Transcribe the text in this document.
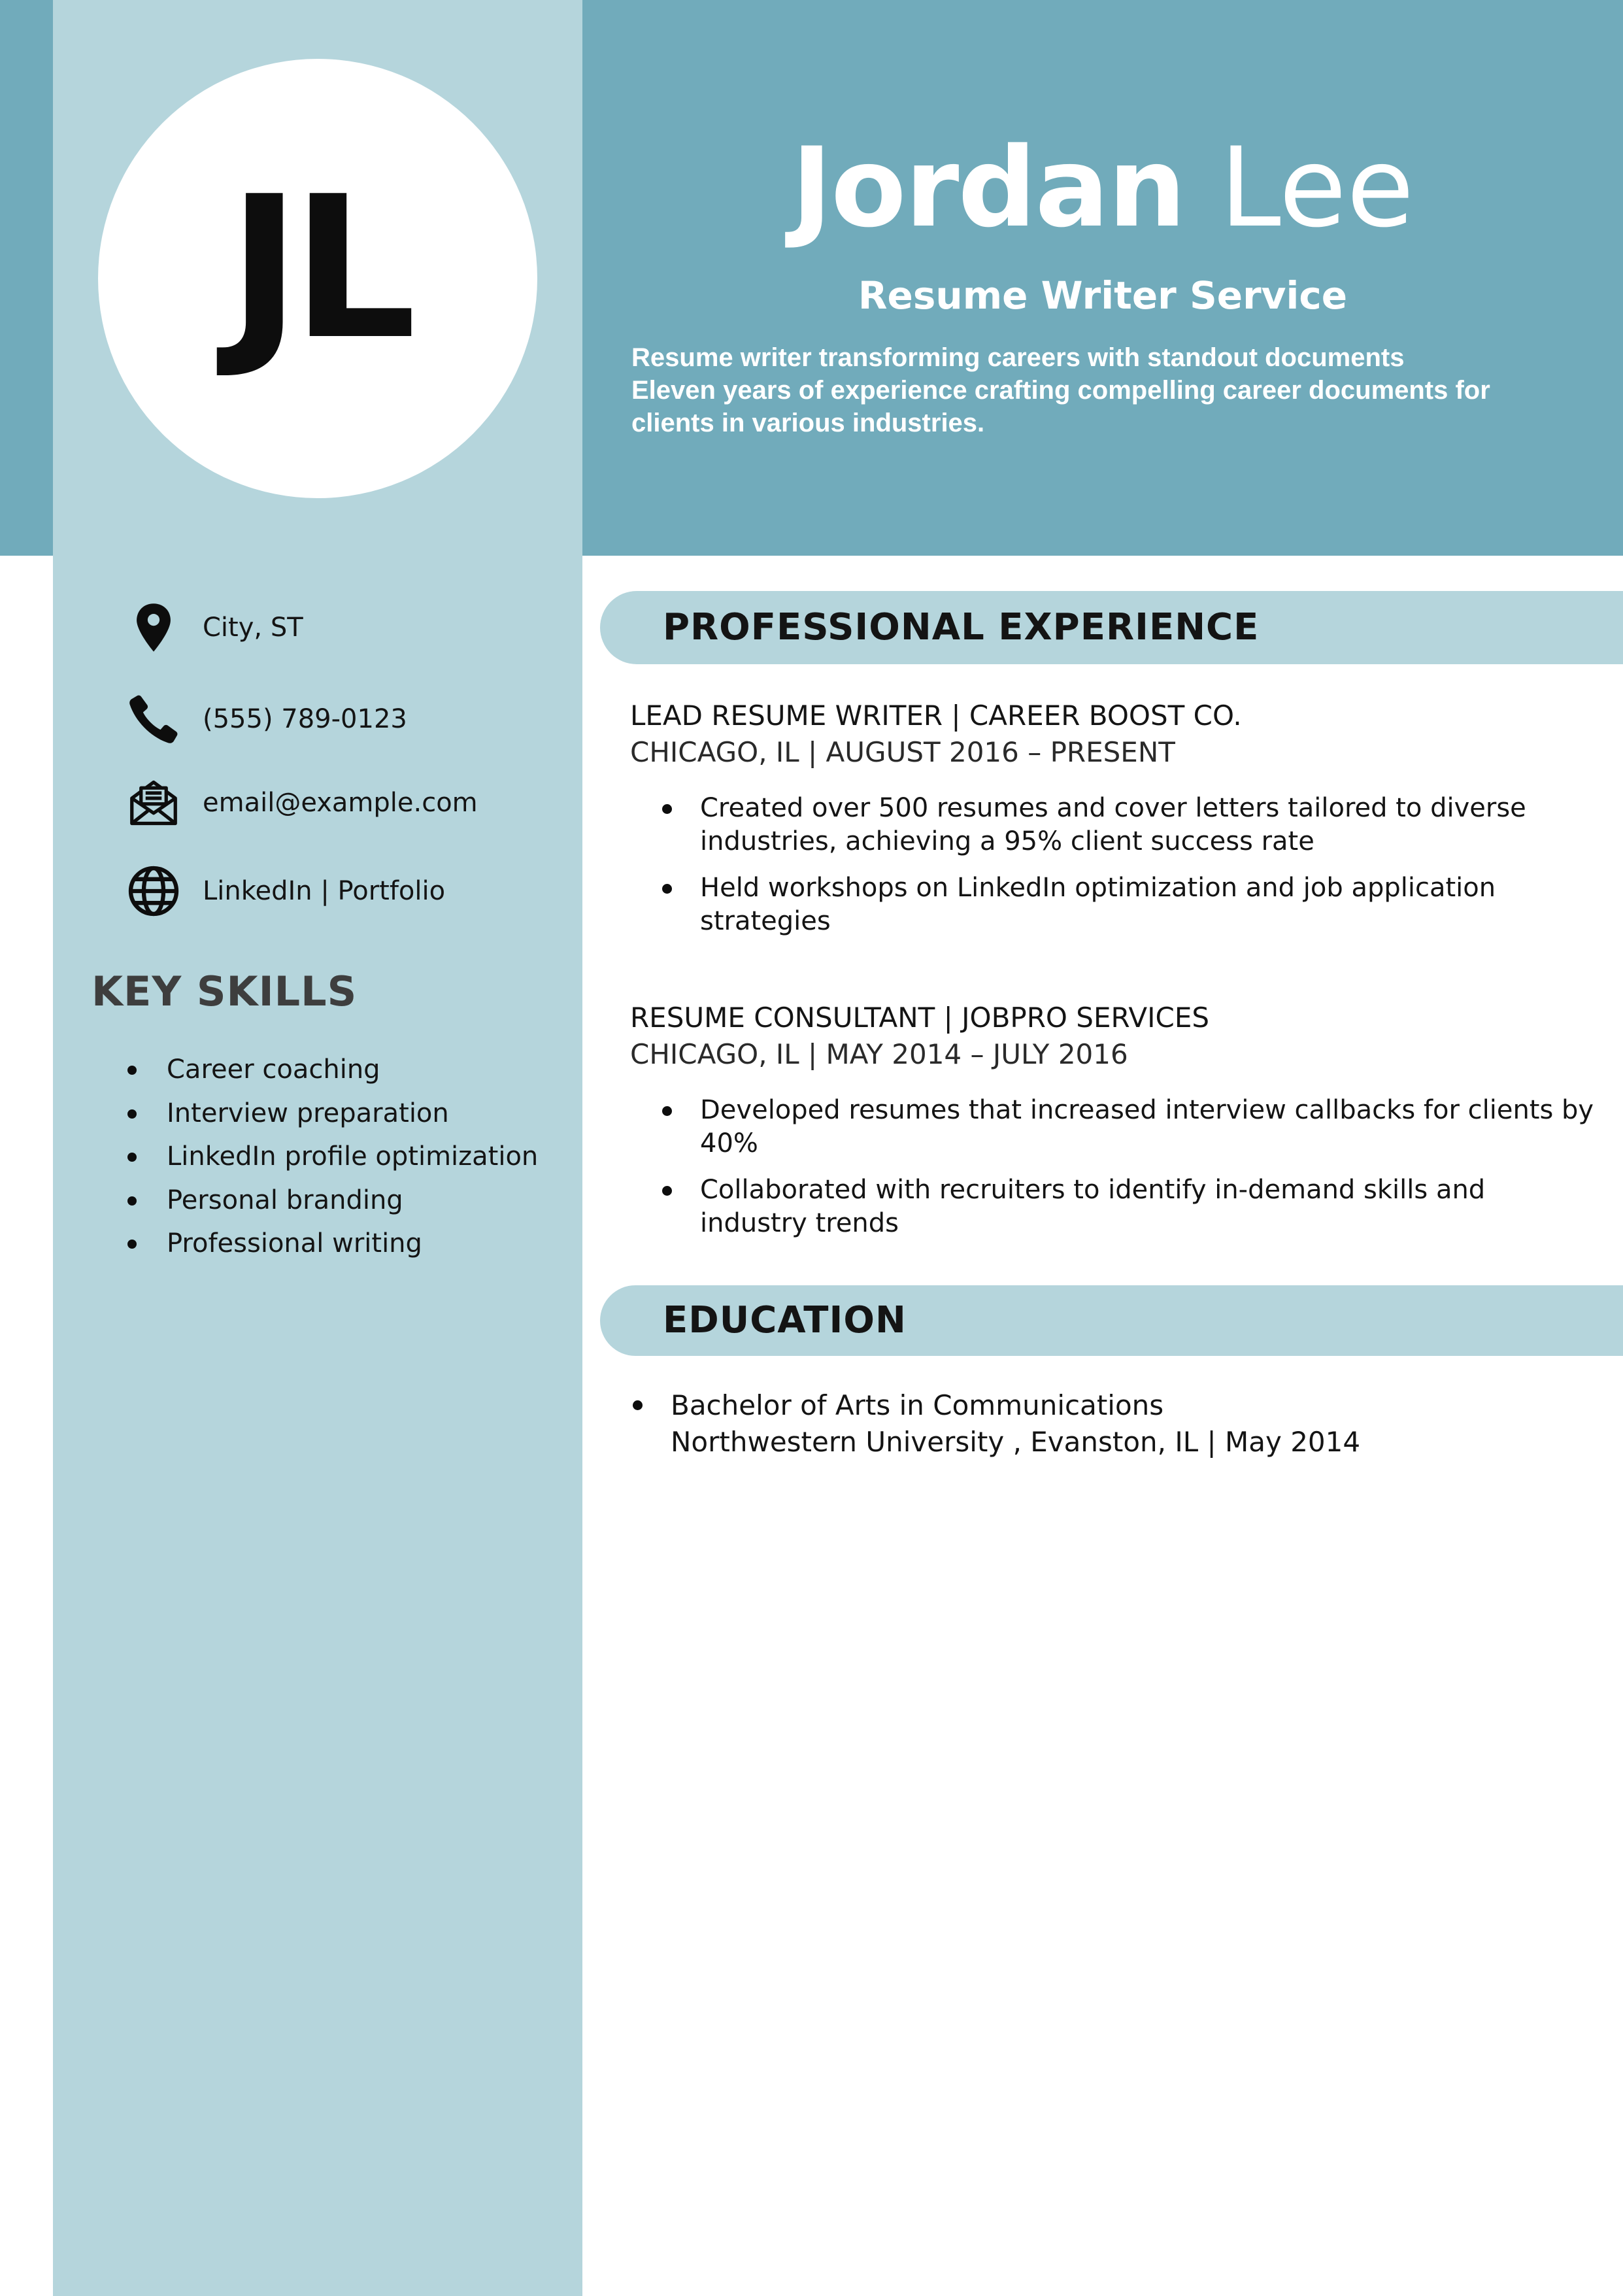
JL	Jordan Lee
Resume Writer Service
Resume writer transforming careers with standout documents
Eleven years of experience crafting compelling career documents for
clients in various industries.
City, ST
(555) 789-0123
email@example.com
LinkedIn | Portfolio
KEY SKILLS
Career coaching
Interview preparation
LinkedIn profile optimization
Personal branding
Professional writing
PROFESSIONAL EXPERIENCE
LEAD RESUME WRITER | CAREER BOOST CO.
CHICAGO, IL | AUGUST 2016 – PRESENT
Created over 500 resumes and cover letters tailored to diverse industries, achieving a 95% client success rate
Held workshops on LinkedIn optimization and job application strategies
RESUME CONSULTANT | JOBPRO SERVICES
CHICAGO, IL | MAY 2014 – JULY 2016
Developed resumes that increased interview callbacks for clients by 40%
Collaborated with recruiters to identify in-demand skills and industry trends
EDUCATION
Bachelor of Arts in Communications
Northwestern University , Evanston, IL | May 2014
